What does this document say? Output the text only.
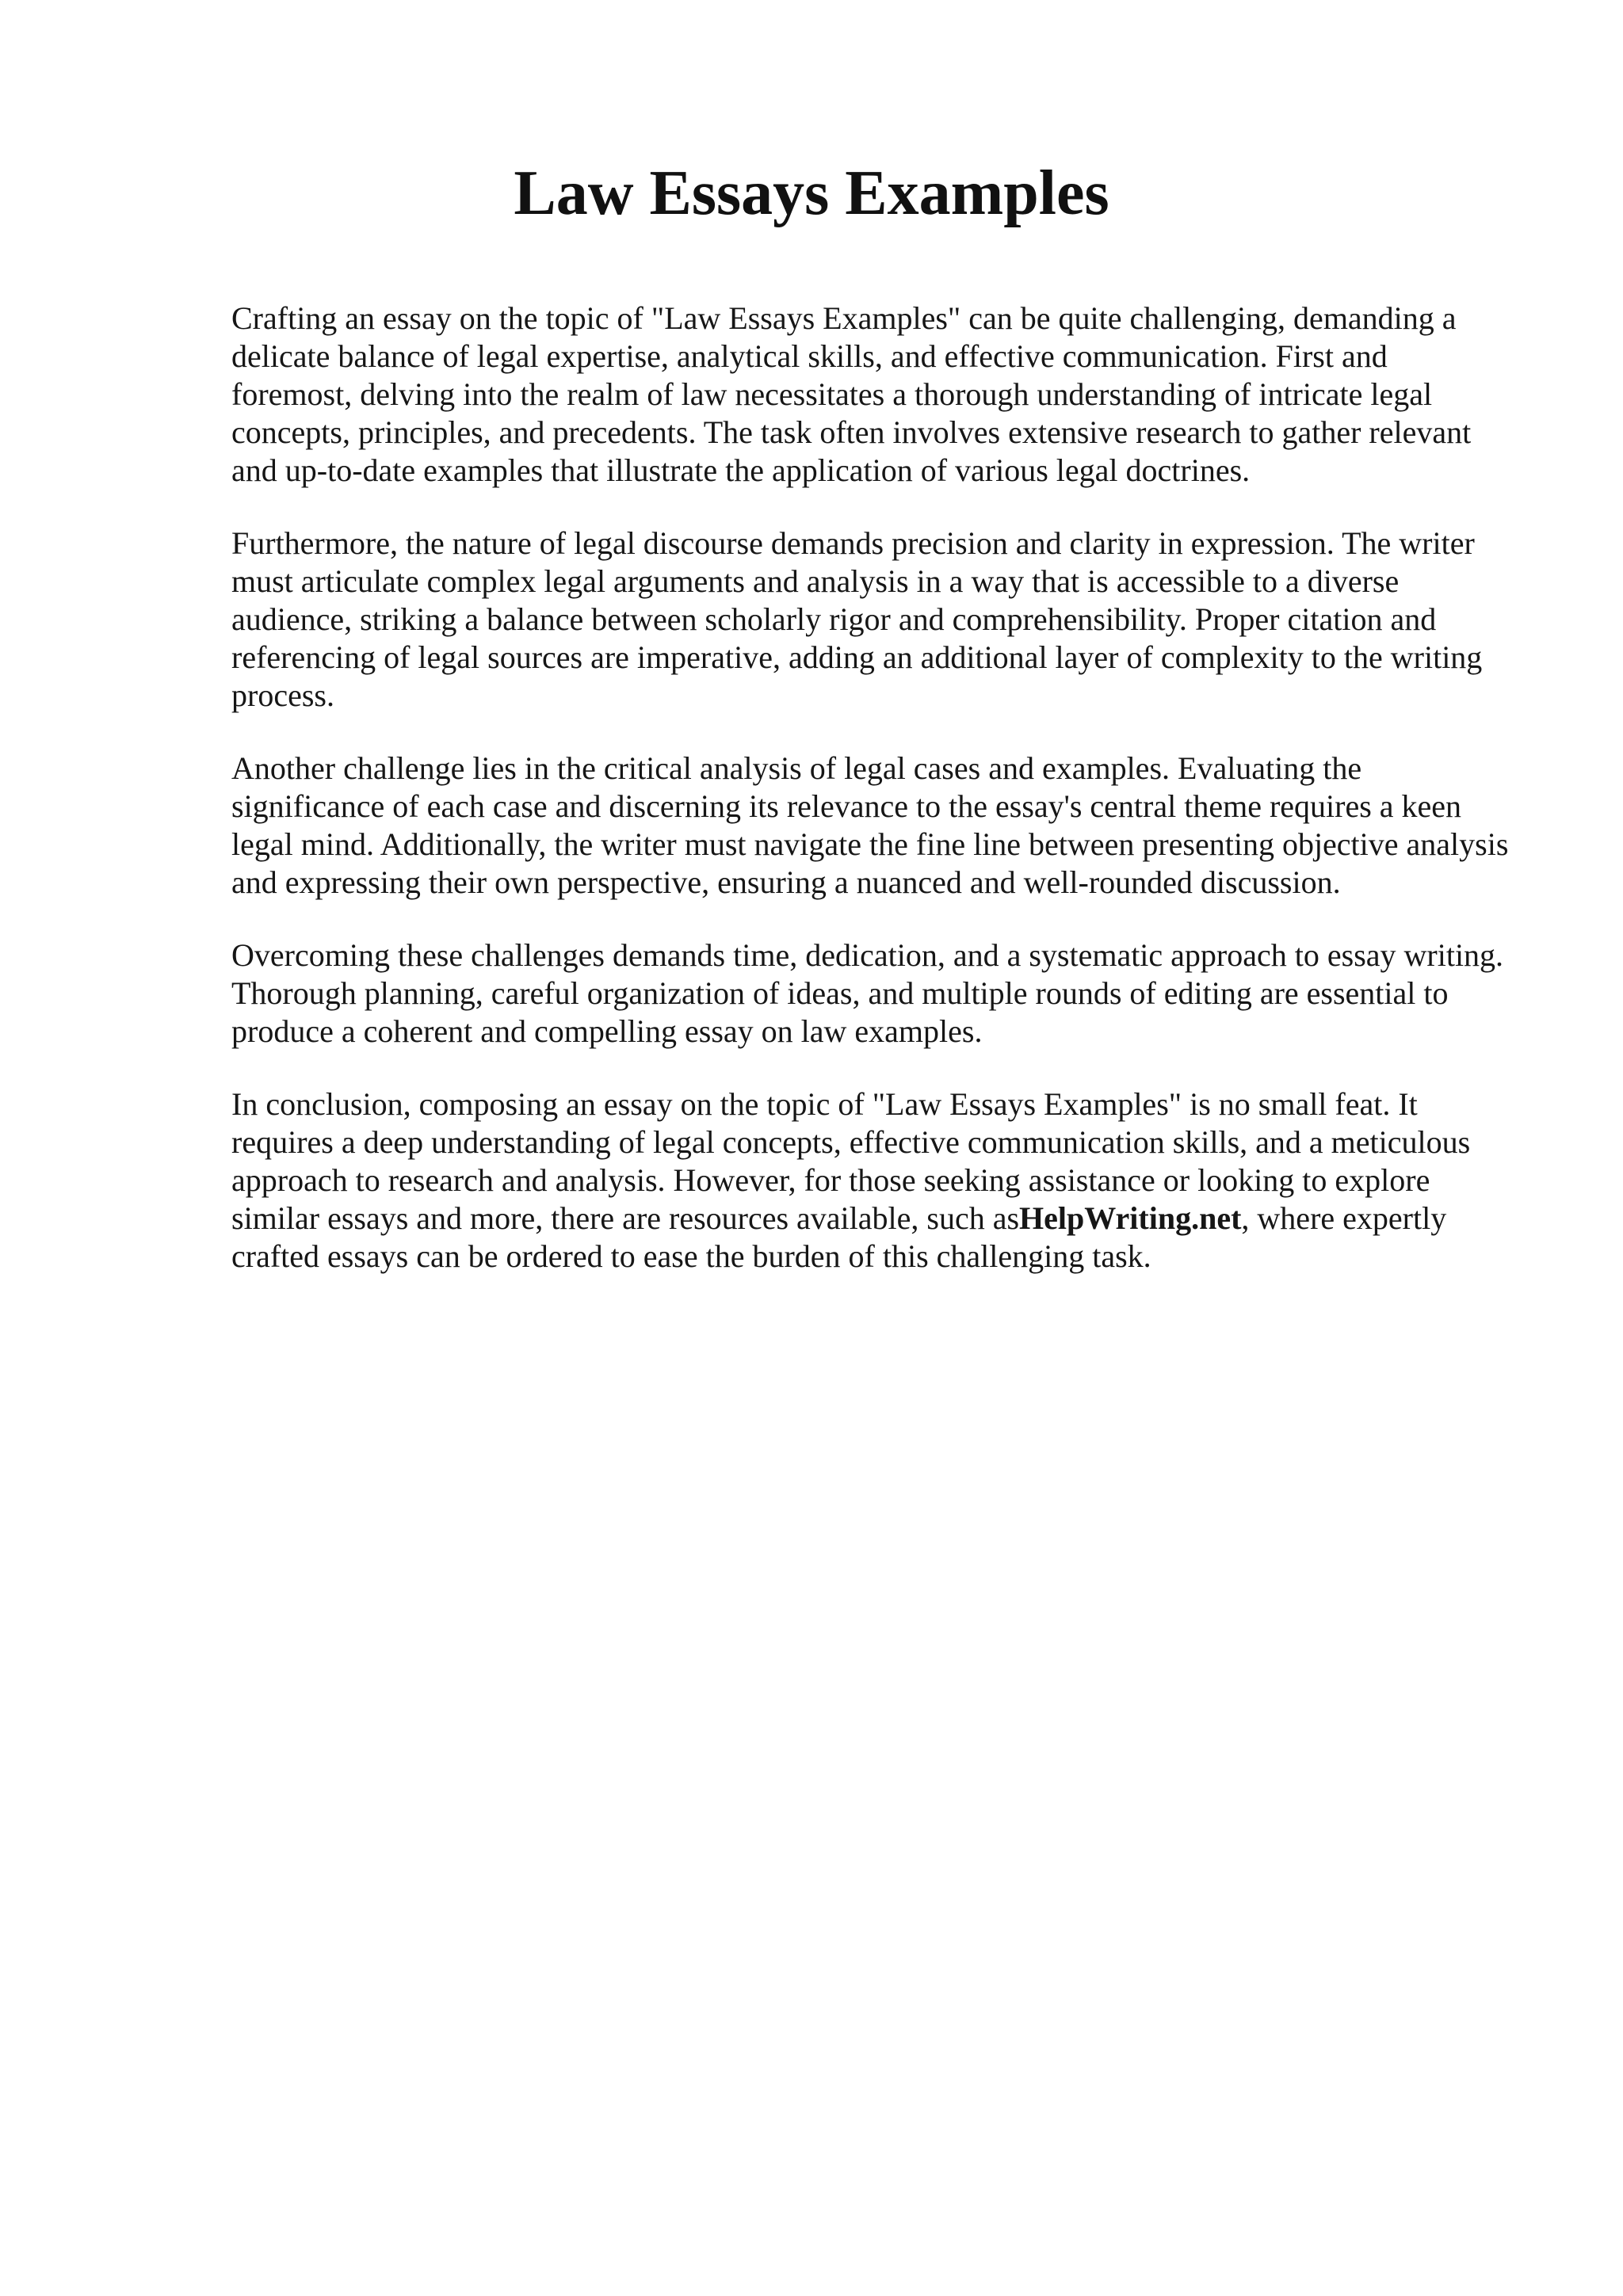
Law Essays Examples

Crafting an essay on the topic of "Law Essays Examples" can be quite challenging, demanding a delicate balance of legal expertise, analytical skills, and effective communication. First and foremost, delving into the realm of law necessitates a thorough understanding of intricate legal concepts, principles, and precedents. The task often involves extensive research to gather relevant and up-to-date examples that illustrate the application of various legal doctrines.

Furthermore, the nature of legal discourse demands precision and clarity in expression. The writer must articulate complex legal arguments and analysis in a way that is accessible to a diverse audience, striking a balance between scholarly rigor and comprehensibility. Proper citation and referencing of legal sources are imperative, adding an additional layer of complexity to the writing process.

Another challenge lies in the critical analysis of legal cases and examples. Evaluating the significance of each case and discerning its relevance to the essay's central theme requires a keen legal mind. Additionally, the writer must navigate the fine line between presenting objective analysis and expressing their own perspective, ensuring a nuanced and well-rounded discussion.

Overcoming these challenges demands time, dedication, and a systematic approach to essay writing. Thorough planning, careful organization of ideas, and multiple rounds of editing are essential to produce a coherent and compelling essay on law examples.

In conclusion, composing an essay on the topic of "Law Essays Examples" is no small feat. It requires a deep understanding of legal concepts, effective communication skills, and a meticulous approach to research and analysis. However, for those seeking assistance or looking to explore similar essays and more, there are resources available, such asHelpWriting.net, where expertly crafted essays can be ordered to ease the burden of this challenging task.
